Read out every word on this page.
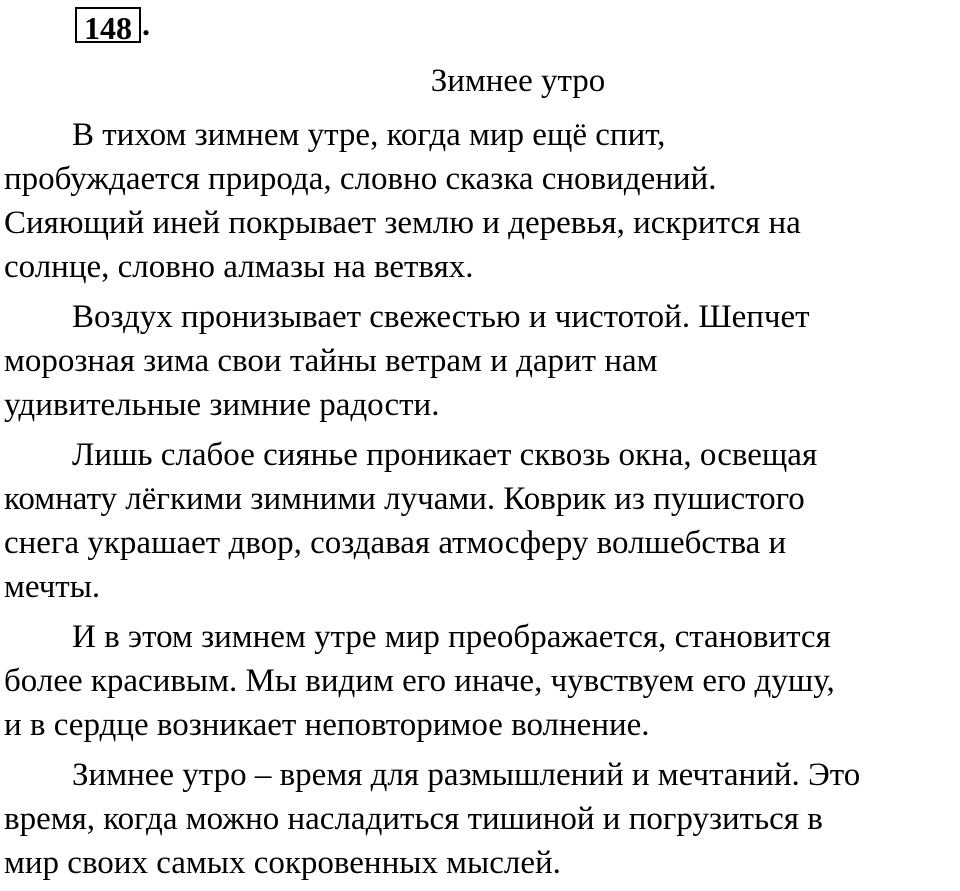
148 .
Зимнее утро

В тихом зимнем утре, когда мир ещё спит,
пробуждается природа, словно сказка сновидений.
Сияющий иней покрывает землю и деревья, искрится на
солнце, словно алмазы на ветвях.

Воздух пронизывает свежестью и чистотой. Шепчет
морозная зима свои тайны ветрам и дарит нам
удивительные зимние радости.

Лишь слабое сиянье проникает сквозь окна, освещая
комнату лёгкими зимними лучами. Коврик из пушистого
снега украшает двор, создавая атмосферу волшебства и
мечты.

И в этом зимнем утре мир преображается, становится
более красивым. Мы видим его иначе, чувствуем его душу,
и в сердце возникает неповторимое волнение.

Зимнее утро – время для размышлений и мечтаний. Это
время, когда можно насладиться тишиной и погрузиться в
мир своих самых сокровенных мыслей.
